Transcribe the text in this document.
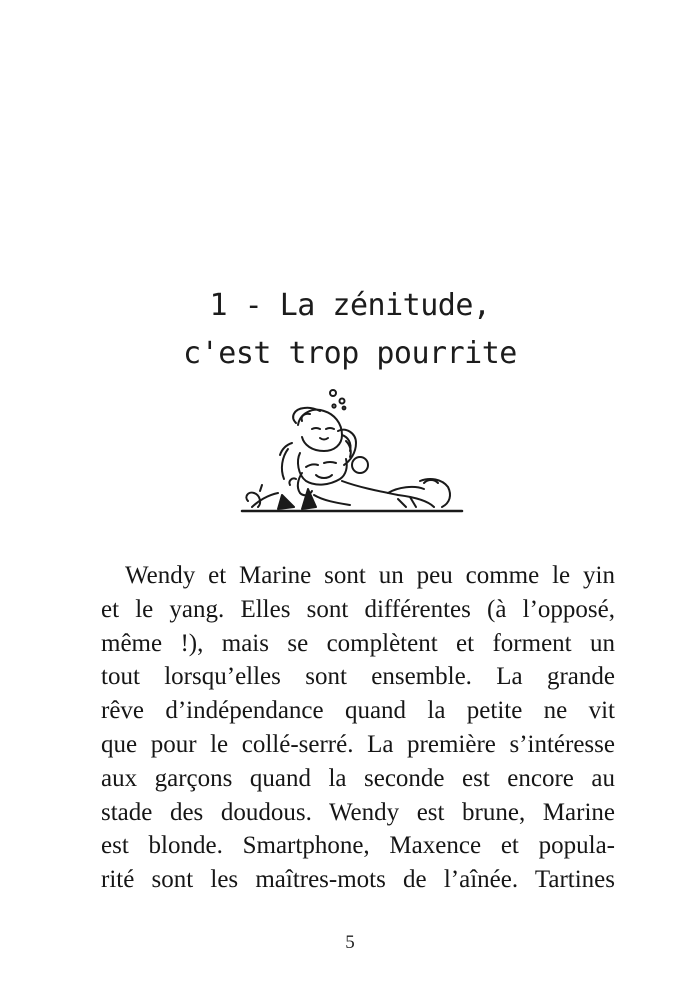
1 - La zénitude,
c'est trop pourrite
Wendy et Marine sont un peu comme le yin
et le yang. Elles sont différentes (à l’opposé,
même !), mais se complètent et forment un
tout lorsqu’elles sont ensemble. La grande
rêve d’indépendance quand la petite ne vit
que pour le collé-serré. La première s’intéresse
aux garçons quand la seconde est encore au
stade des doudous. Wendy est brune, Marine
est blonde. Smartphone, Maxence et popula-
rité sont les maîtres-mots de l’aînée. Tartines
5
